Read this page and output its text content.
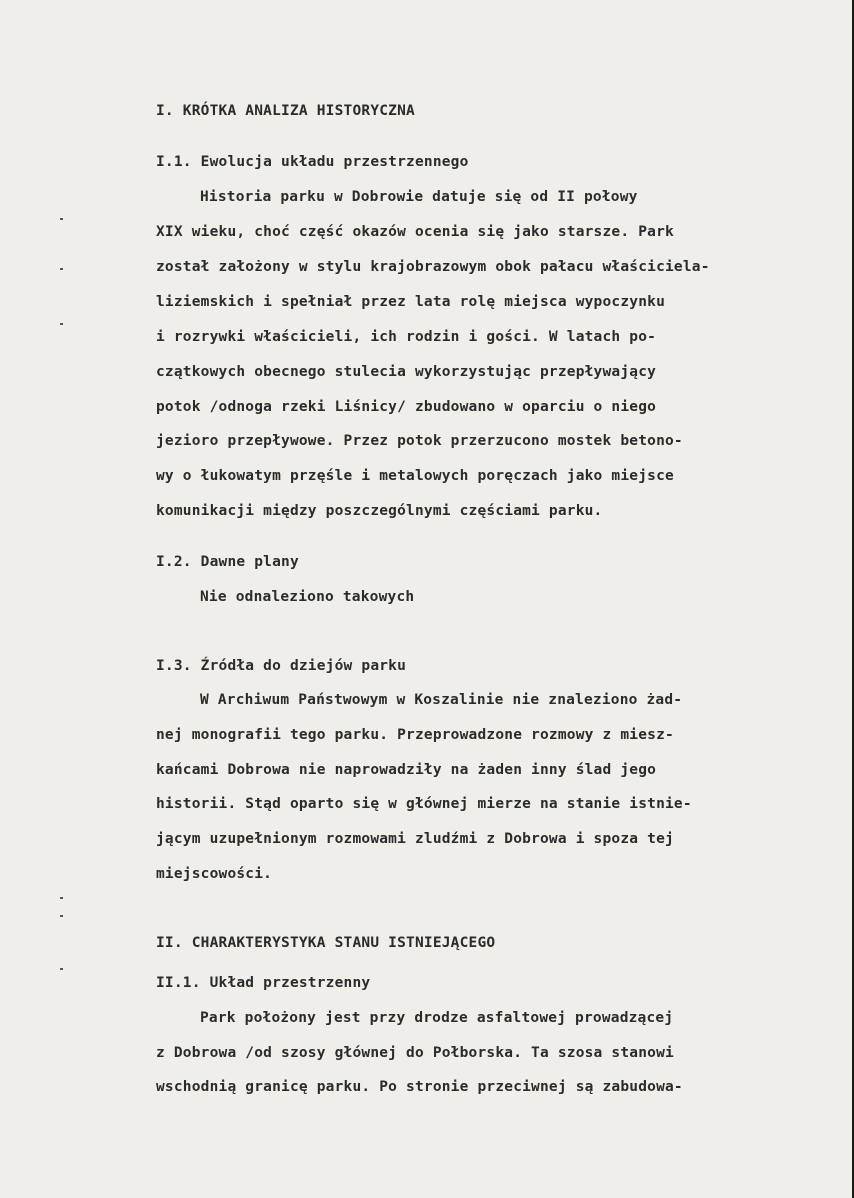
I. KRÓTKA ANALIZA HISTORYCZNA
I.1. Ewolucja układu przestrzennego
Historia parku w Dobrowie datuje się od II połowy
XIX wieku, choć część okazów ocenia się jako starsze. Park
został założony w stylu krajobrazowym obok pałacu właściciela-
liziemskich i spełniał przez lata rolę miejsca wypoczynku
i rozrywki właścicieli, ich rodzin i gości. W latach po-
czątkowych obecnego stulecia wykorzystując przepływający
potok /odnoga rzeki Liśnicy/ zbudowano w oparciu o niego
jezioro przepływowe. Przez potok przerzucono mostek betono-
wy o łukowatym przęśle i metalowych poręczach jako miejsce
komunikacji między poszczególnymi częściami parku.
I.2. Dawne plany
Nie odnaleziono takowych
I.3. Źródła do dziejów parku
W Archiwum Państwowym w Koszalinie nie znaleziono żad-
nej monografii tego parku. Przeprowadzone rozmowy z miesz-
kańcami Dobrowa nie naprowadziły na żaden inny ślad jego
historii. Stąd oparto się w głównej mierze na stanie istnie-
jącym uzupełnionym rozmowami zludźmi z Dobrowa i spoza tej
miejscowości.
II. CHARAKTERYSTYKA STANU ISTNIEJĄCEGO
II.1. Układ przestrzenny
Park położony jest przy drodze asfaltowej prowadzącej
z Dobrowa /od szosy głównej do Połborska. Ta szosa stanowi
wschodnią granicę parku. Po stronie przeciwnej są zabudowa-
